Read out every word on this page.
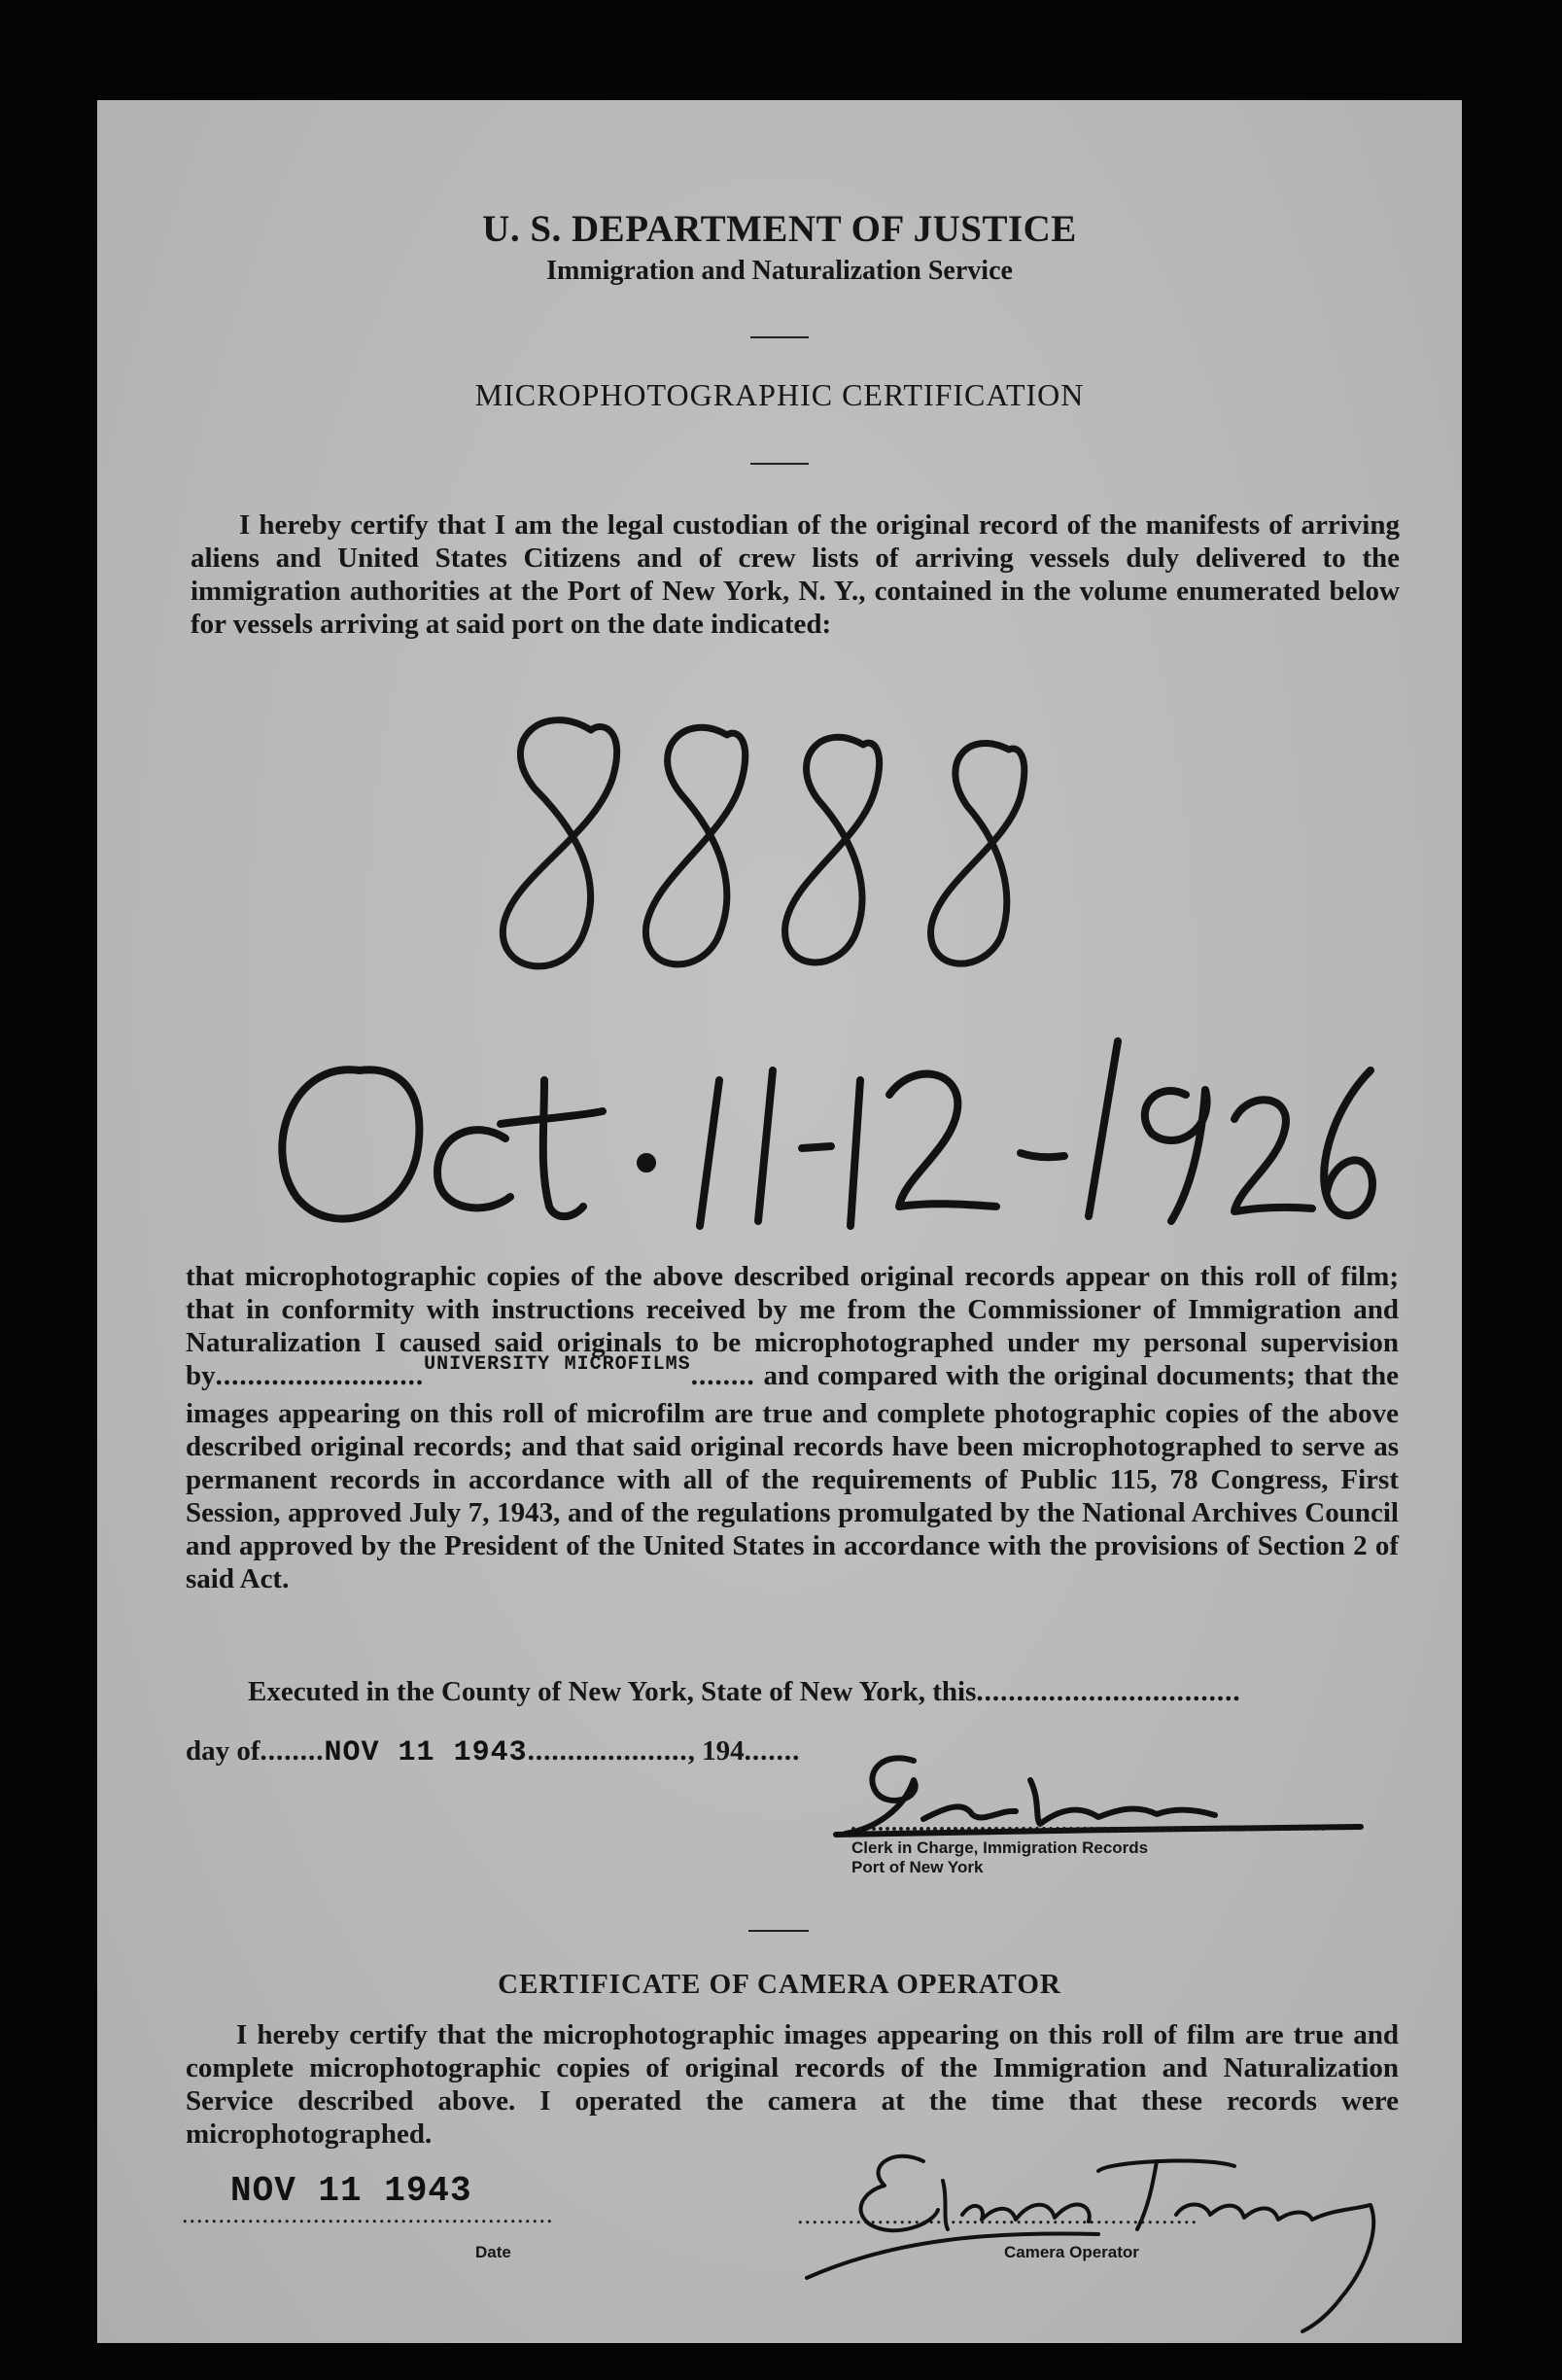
U. S. DEPARTMENT OF JUSTICE
Immigration and Naturalization Service
MICROPHOTOGRAPHIC CERTIFICATION
I hereby certify that I am the legal custodian of the original record of the manifests of arriving aliens and United States Citizens and of crew lists of arriving vessels duly delivered to the immigration authorities at the Port of New York, N. Y., contained in the volume enumerated below for vessels arriving at said port on the date indicated:
that microphotographic copies of the above described original records appear on this roll of film; that in conformity with instructions received by me from the Commissioner of Immigration and Naturalization I caused said originals to be microphotographed under my personal supervision by..........................$^{UNIVERSITY MICROFILMS}$........ and compared with the original documents; that the images appearing on this roll of microfilm are true and complete photographic copies of the above described original records; and that said original records have been microphotographed to serve as permanent records in accordance with all of the requirements of Public 115, 78 Congress, First Session, approved July 7, 1943, and of the regulations promulgated by the National Archives Council and approved by the President of the United States in accordance with the provisions of Section 2 of said Act.
Executed in the County of New York, State of New York, this.................................
day of........NOV 11 1943...................., 194.......
......................................................................
Clerk in Charge, Immigration Records
Port of New York
CERTIFICATE OF CAMERA OPERATOR
I hereby certify that the microphotographic images appearing on this roll of film are true and complete microphotographic copies of original records of the Immigration and Naturalization Service described above. I operated the camera at the time that these records were microphotographed.
NOV 11 1943
...................................................
Date
.......................................................
Camera Operator
